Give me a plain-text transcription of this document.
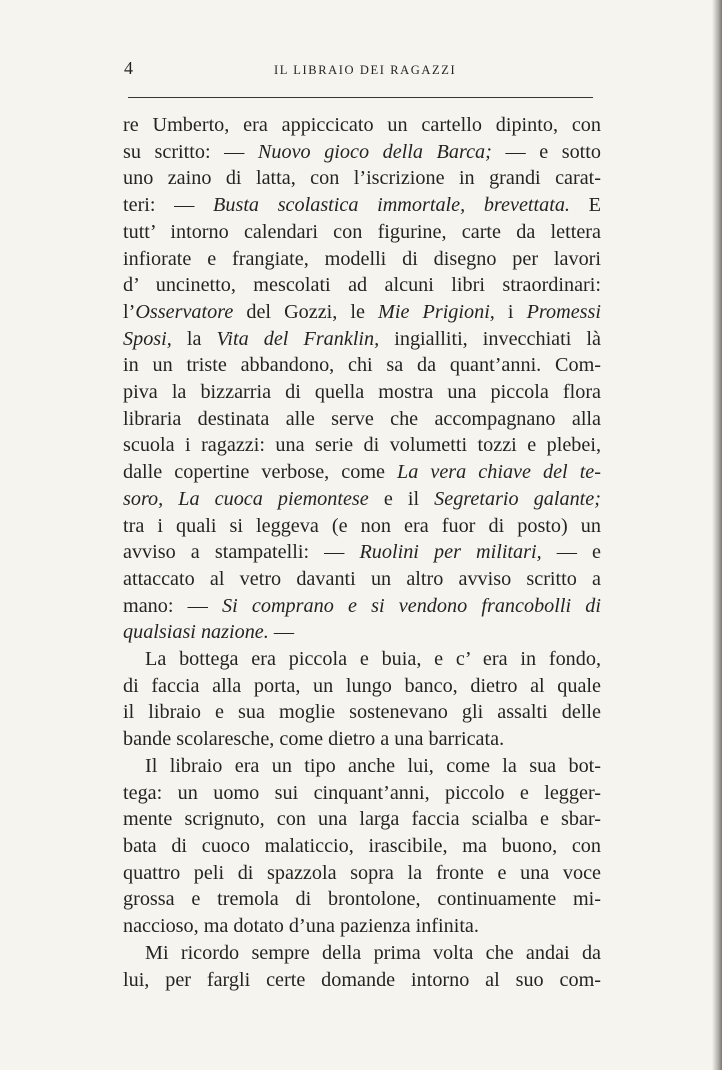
4	IL LIBRAIO DEI RAGAZZI

re Umberto, era appiccicato un cartello dipinto, con
su scritto: — Nuovo gioco della Barca; — e sotto
uno zaino di latta, con l’iscrizione in grandi carat-
teri: — Busta scolastica immortale, brevettata. E
tutt’ intorno calendari con figurine, carte da lettera
infiorate e frangiate, modelli di disegno per lavori
d’ uncinetto, mescolati ad alcuni libri straordinari:
l’Osservatore del Gozzi, le Mie Prigioni, i Promessi
Sposi, la Vita del Franklin, ingialliti, invecchiati là
in un triste abbandono, chi sa da quant’anni. Com-
piva la bizzarria di quella mostra una piccola flora
libraria destinata alle serve che accompagnano alla
scuola i ragazzi: una serie di volumetti tozzi e plebei,
dalle copertine verbose, come La vera chiave del te-
soro, La cuoca piemontese e il Segretario galante;
tra i quali si leggeva (e non era fuor di posto) un
avviso a stampatelli: — Ruolini per militari, — e
attaccato al vetro davanti un altro avviso scritto a
mano: — Si comprano e si vendono francobolli di
qualsiasi nazione. —

La bottega era piccola e buia, e c’ era in fondo,
di faccia alla porta, un lungo banco, dietro al quale
il libraio e sua moglie sostenevano gli assalti delle
bande scolaresche, come dietro a una barricata.

Il libraio era un tipo anche lui, come la sua bot-
tega: un uomo sui cinquant’anni, piccolo e legger-
mente scrignuto, con una larga faccia scialba e sbar-
bata di cuoco malaticcio, irascibile, ma buono, con
quattro peli di spazzola sopra la fronte e una voce
grossa e tremola di brontolone, continuamente mi-
naccioso, ma dotato d’una pazienza infinita.

Mi ricordo sempre della prima volta che andai da
lui, per fargli certe domande intorno al suo com-
